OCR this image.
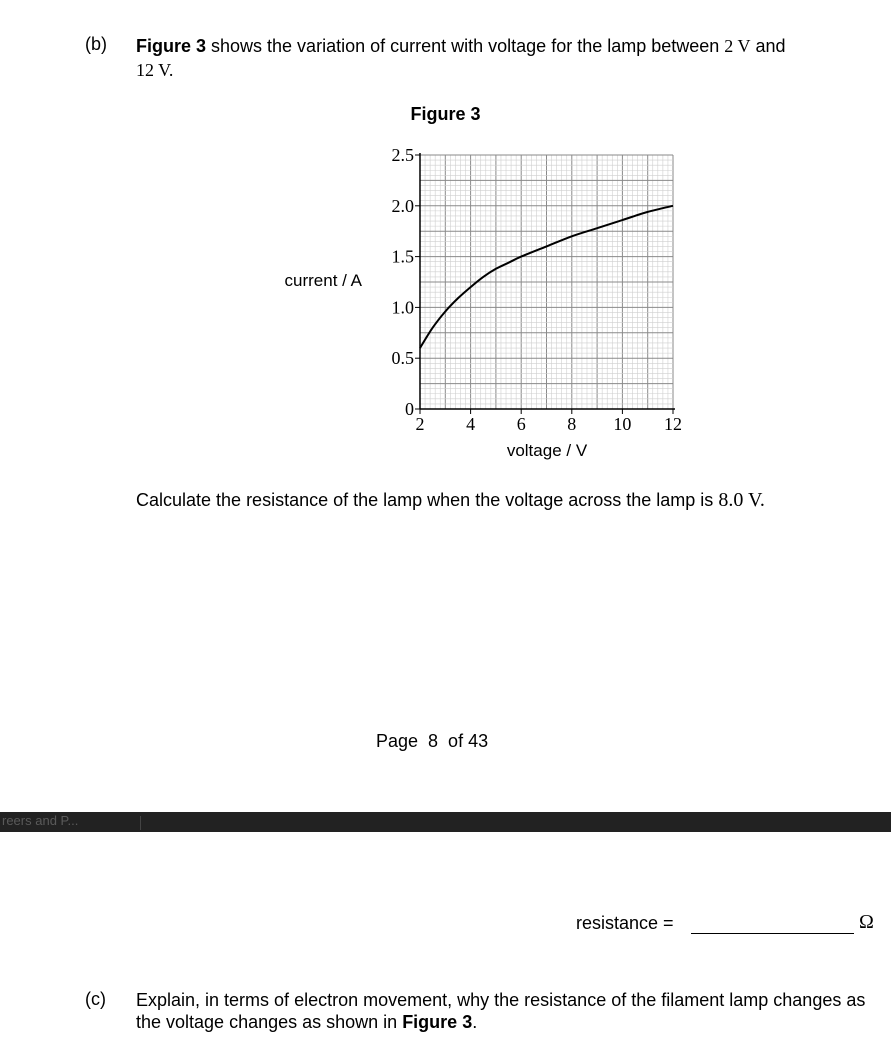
(b) Figure 3 shows the variation of current with voltage for the lamp between 2 V and
12 V.
Figure 3
2 4 6 8 10 12
0
0.5
1.0
1.5
2.0
2.5
current / A
voltage / V
Calculate the resistance of the lamp when the voltage across the lamp is 8.0 V.
Page  8  of 43
reers and P...
resistance =	Ω
(c) Explain, in terms of electron movement, why the resistance of the filament lamp changes as the voltage changes as shown in Figure 3.
